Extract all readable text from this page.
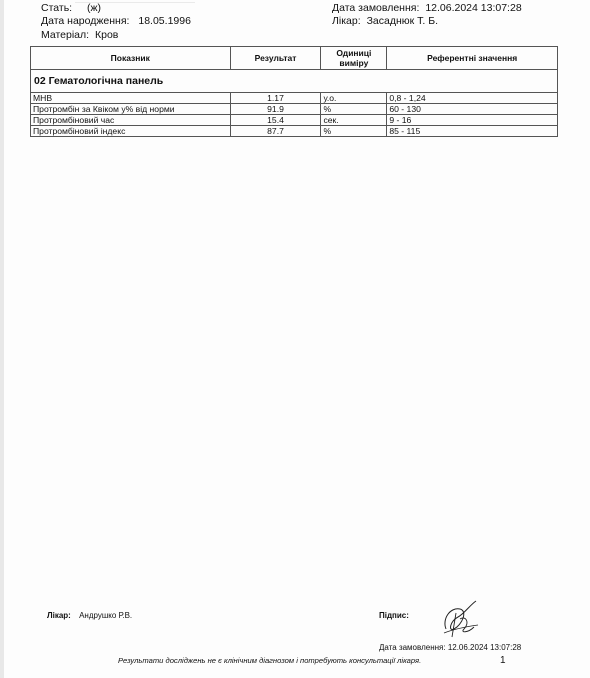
Стать: (ж)
Дата народження: 18.05.1996
Матеріал: Кров
Дата замовлення: 12.06.2024 13:07:28
Лікар: Засаднюк Т. Б.
Показник	Результат	Одиниці виміру	Референтні значення
02 Гематологічна панель			
МНВ	1.17	у.о.	0,8 - 1,24
Протромбін за Квіком у% від норми	91.9	%	60 - 130
Протромбіновий час	15.4	сек.	9 - 16
Протромбіновий індекс	87.7	%	85 - 115
Лікар: Андрушко Р.В.	Підпис:
Дата замовлення: 12.06.2024 13:07:28
Результати досліджень не є клінічним діагнозом і потребують консультації лікаря.	1
